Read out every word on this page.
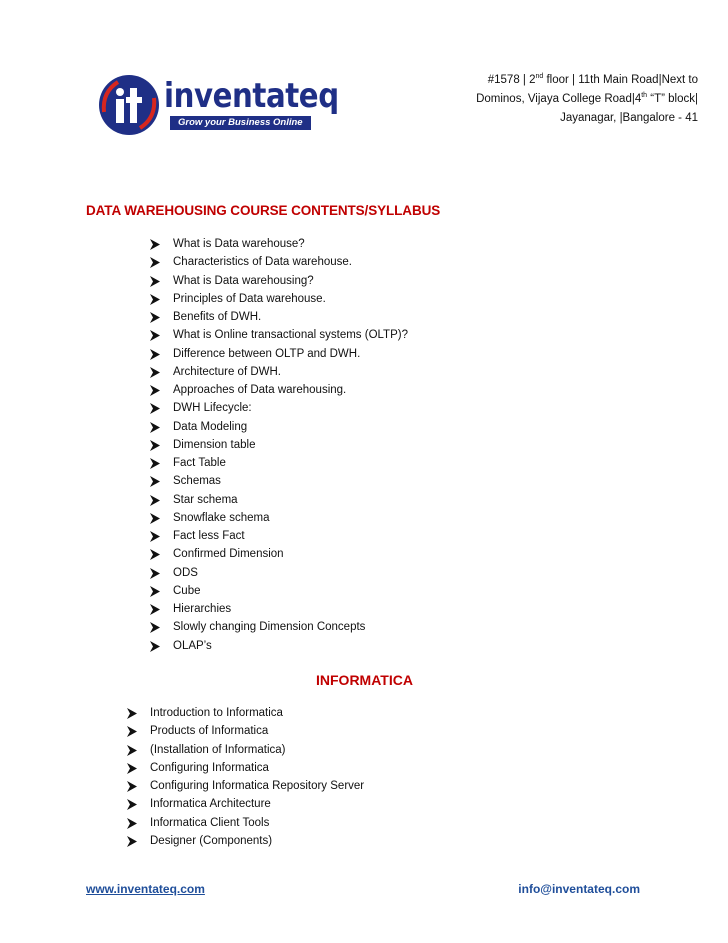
inventateq
Grow your Business Online
#1578 | 2nd floor | 11th Main Road|Next to
Dominos, Vijaya College Road|4th “T” block|
Jayanagar, |Bangalore - 41
DATA WAREHOUSING COURSE CONTENTS/SYLLABUS
What is Data warehouse?
Characteristics of Data warehouse.
What is Data warehousing?
Principles of Data warehouse.
Benefits of DWH.
What is Online transactional systems (OLTP)?
Difference between OLTP and DWH.
Architecture of DWH.
Approaches of Data warehousing.
DWH Lifecycle:
Data Modeling
Dimension table
Fact Table
Schemas
Star schema
Snowflake schema
Fact less Fact
Confirmed Dimension
ODS
Cube
Hierarchies
Slowly changing Dimension Concepts
OLAP’s
INFORMATICA
Introduction to Informatica
Products of Informatica
(Installation of Informatica)
Configuring Informatica
Configuring Informatica Repository Server
Informatica Architecture
Informatica Client Tools
Designer (Components)
www.inventateq.com	info@inventateq.com
